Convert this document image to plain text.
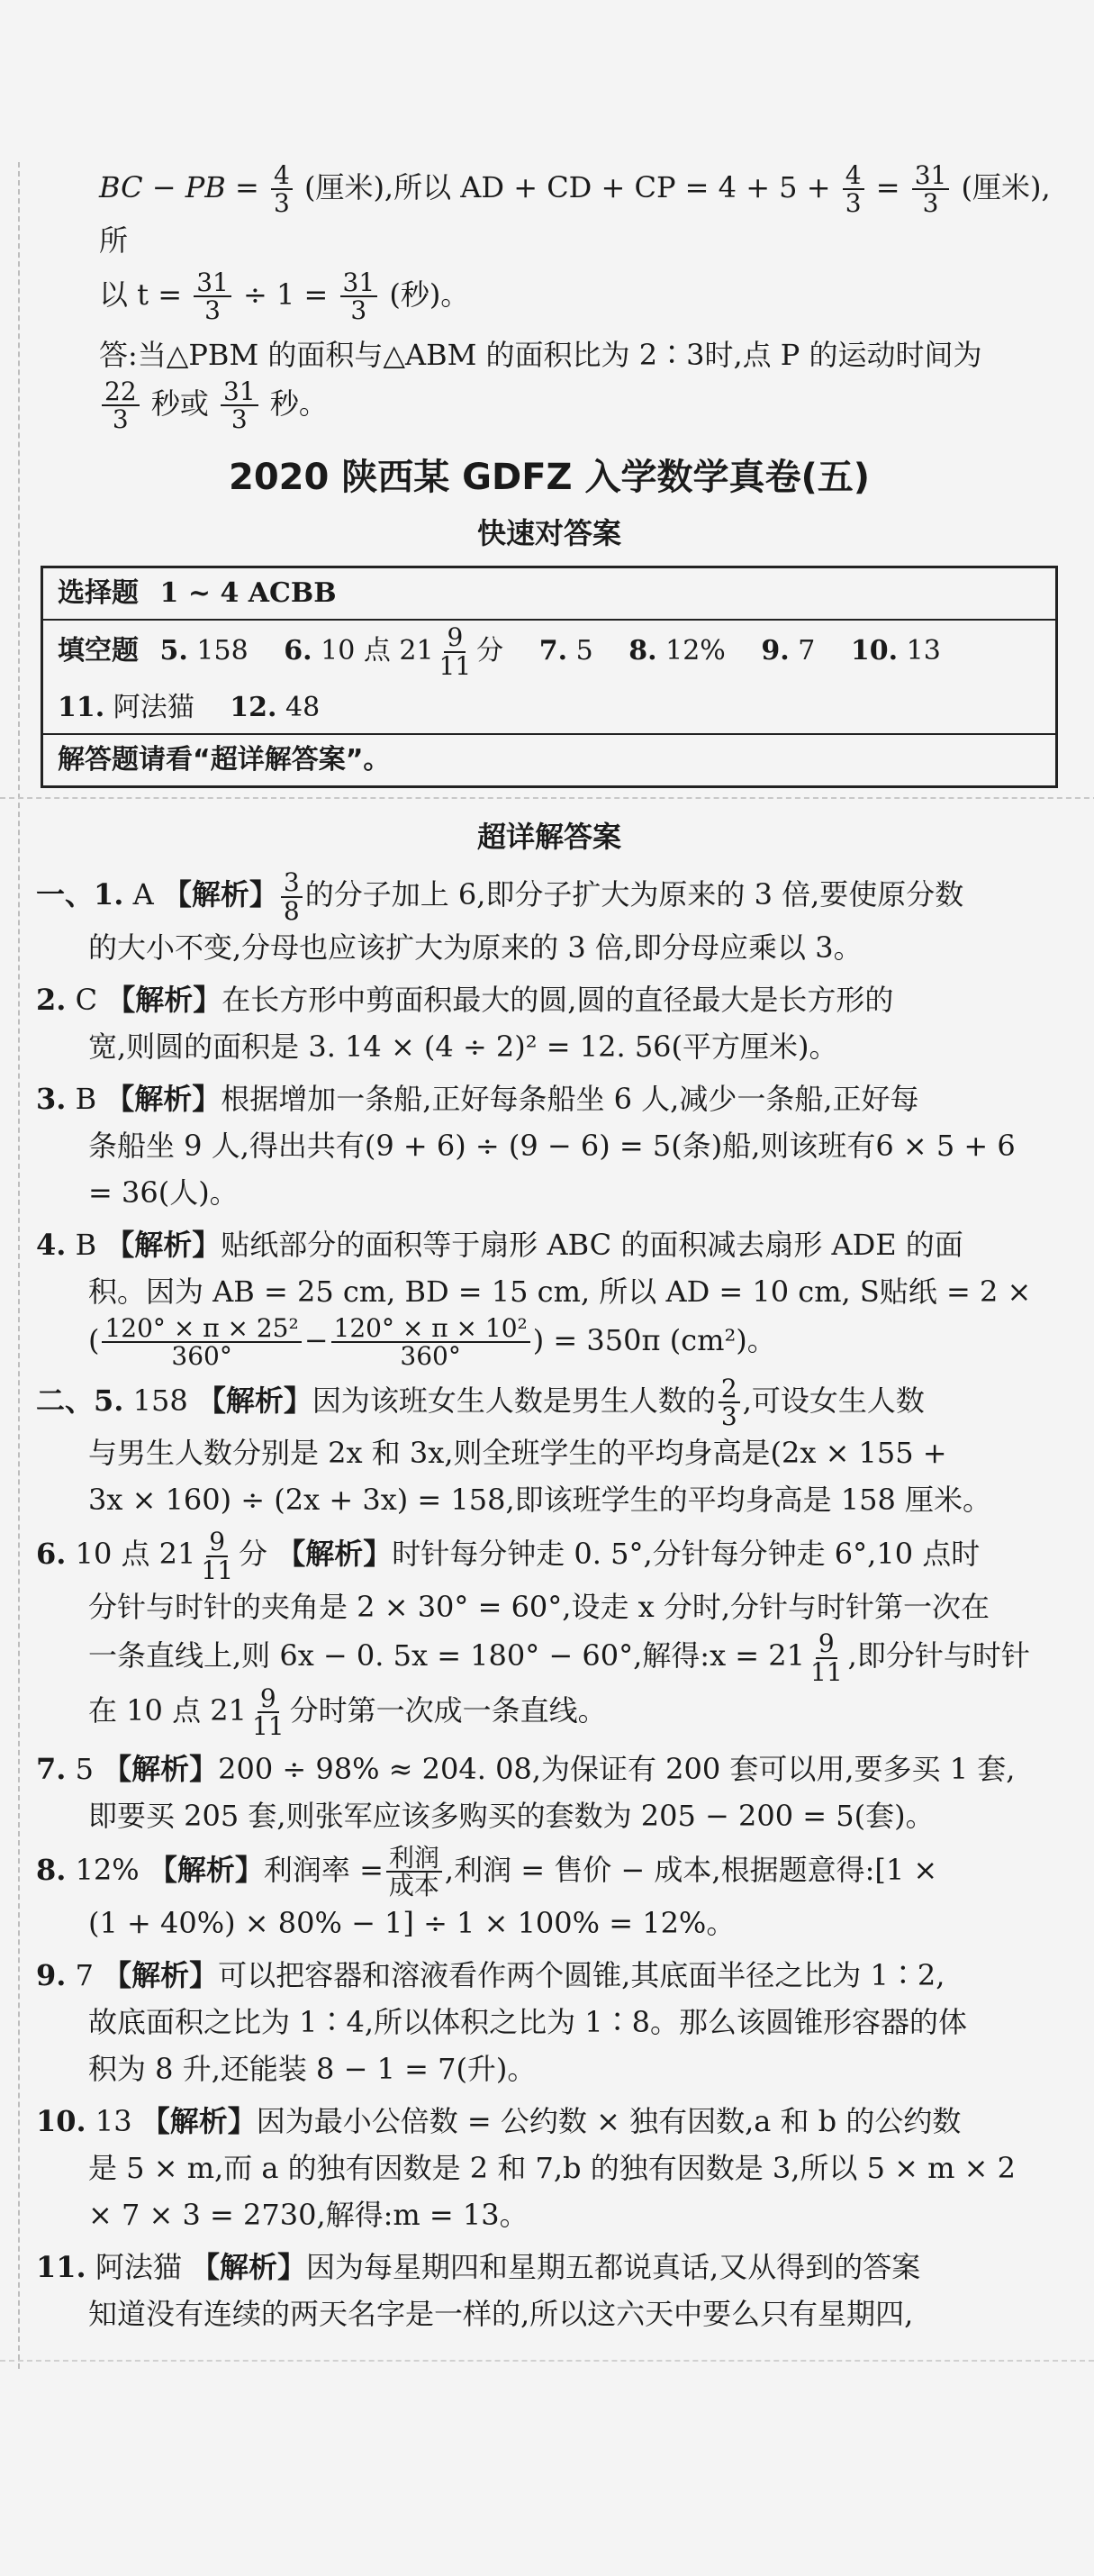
BC − PB = $\frac{4}{3}$ (厘米),所以 AD + CD + CP = $4 + 5 + \frac{4}{3} = \frac{31}{3}$ (厘米),所

以 $t = \frac{31}{3} \div 1 = \frac{31}{3}$ (秒)。

答:当△PBM 的面积与△ABM 的面积比为 2∶3时,点 P 的运动时间为

$\frac{22}{3}$ 秒或 $\frac{31}{3}$ 秒。

2020 陕西某 GDFZ 入学数学真卷(五)
快速对答案
选择题 1 ~ 4 ACBB
填空题 5. 158 6. 10 点 $21 \frac{9}{11}$ 分 7. 5 8. 12% 9. 7 10. 13
11. 阿法猫 12. 48
解答题请看“超详解答案”。
超详解答案
一、1. A 【解析】 $\frac{3}{8}$ 的分子加上 6,即分子扩大为原来的 3 倍,要使原分数
的大小不变,分母也应该扩大为原来的 3 倍,即分母应乘以 3。
2. C 【解析】在长方形中剪面积最大的圆,圆的直径最大是长方形的
宽,则圆的面积是 3. 14 × (4 ÷ 2)² = 12. 56(平方厘米)。
3. B 【解析】根据增加一条船,正好每条船坐 6 人,减少一条船,正好每
条船坐 9 人,得出共有(9 + 6) ÷ (9 − 6) = 5(条)船,则该班有6 × 5 + 6
= 36(人)。
4. B 【解析】贴纸部分的面积等于扇形 ABC 的面积减去扇形 ADE 的面
积。因为 AB = 25 cm, BD = 15 cm, 所以 AD = 10 cm, S贴纸 = 2 ×
( $\frac{\text{120° × π × 25²}}{360^\circ} - \frac{\text{120° × π × 10²}}{360^\circ}$ ) = 350π (cm²)。
二、5. 158 【解析】因为该班女生人数是男生人数的 $\frac{2}{3}$ ,可设女生人数
与男生人数分别是 2x 和 3x,则全班学生的平均身高是(2x × 155 +
3x × 160) ÷ (2x + 3x) = 158,即该班学生的平均身高是 158 厘米。
6. 10 点 $21 \frac{9}{11}$ 分 【解析】时针每分钟走 0. 5°,分针每分钟走 6°,10 点时
分针与时针的夹角是 2 × 30° = 60°,设走 x 分时,分针与时针第一次在
一条直线上,则 6x − 0. 5x = 180° − 60°,解得:x = $21 \frac{9}{11}$ ,即分针与时针
在 10 点 $21 \frac{9}{11}$ 分时第一次成一条直线。
7. 5 【解析】200 ÷ 98% ≈ 204. 08,为保证有 200 套可以用,要多买 1 套,
即要买 205 套,则张军应该多购买的套数为 205 − 200 = 5(套)。
8. 12% 【解析】利润率 = $\frac{\text{利润}}{\text{成本}}$ ,利润 = 售价 − 成本,根据题意得:[1 ×
(1 + 40%) × 80% − 1] ÷ 1 × 100% = 12%。
9. 7 【解析】可以把容器和溶液看作两个圆锥,其底面半径之比为 1∶2,
故底面积之比为 1∶4,所以体积之比为 1∶8。那么该圆锥形容器的体
积为 8 升,还能装 8 − 1 = 7(升)。
10. 13 【解析】因为最小公倍数 = 公约数 × 独有因数,a 和 b 的公约数
是 5 × m,而 a 的独有因数是 2 和 7,b 的独有因数是 3,所以 5 × m × 2
× 7 × 3 = 2730,解得:m = 13。
11. 阿法猫 【解析】因为每星期四和星期五都说真话,又从得到的答案
知道没有连续的两天名字是一样的,所以这六天中要么只有星期四,
